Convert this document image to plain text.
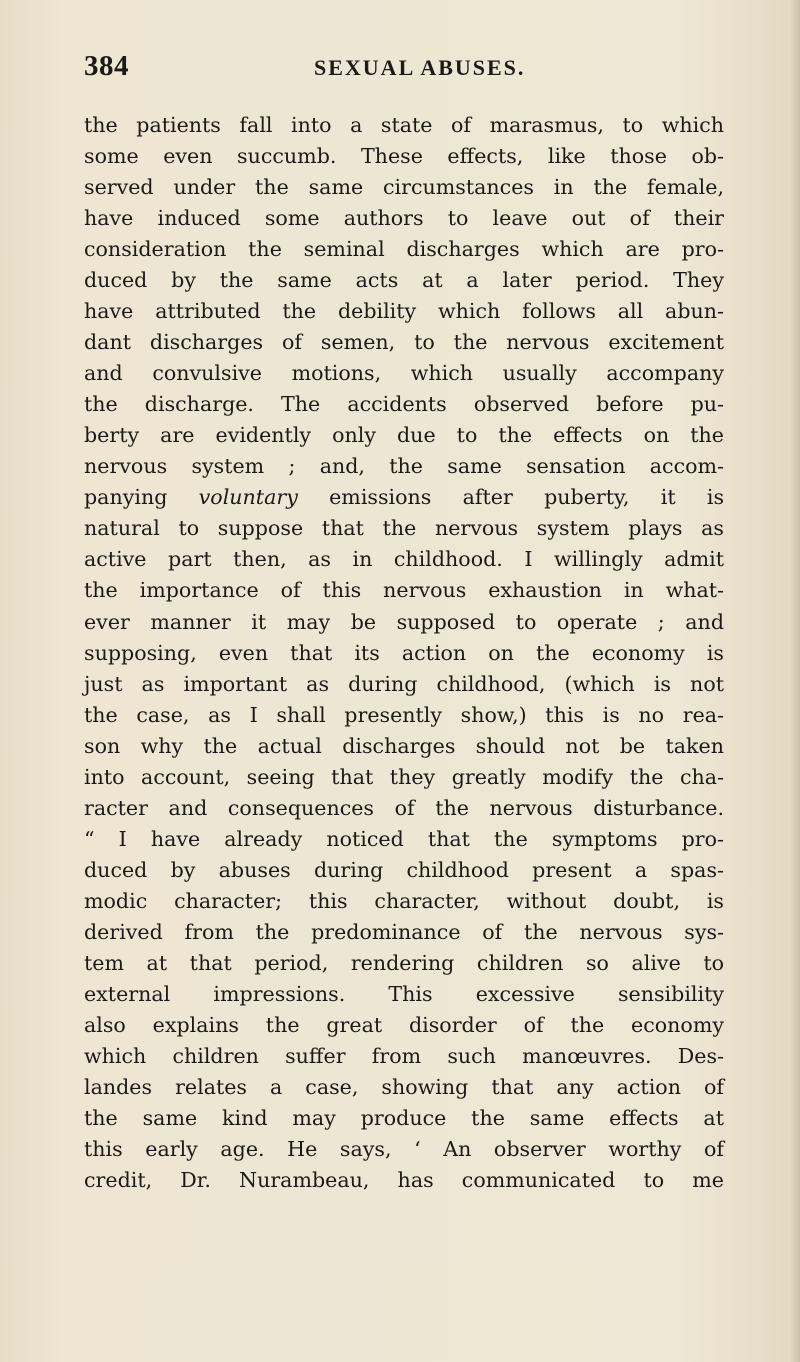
384	SEXUAL ABUSES.
the patients fall into a state of marasmus, to which
some even succumb. These effects, like those ob-
served under the same circumstances in the female,
have induced some authors to leave out of their
consideration the seminal discharges which are pro-
duced by the same acts at a later period. They
have attributed the debility which follows all abun-
dant discharges of semen, to the nervous excitement
and convulsive motions, which usually accompany
the discharge. The accidents observed before pu-
berty are evidently only due to the effects on the
nervous system ; and, the same sensation accom-
panying voluntary emissions after puberty, it is
natural to suppose that the nervous system plays as
active part then, as in childhood. I willingly admit
the importance of this nervous exhaustion in what-
ever manner it may be supposed to operate ; and
supposing, even that its action on the economy is
just as important as during childhood, (which is not
the case, as I shall presently show,) this is no rea-
son why the actual discharges should not be taken
into account, seeing that they greatly modify the cha-
racter and consequences of the nervous disturbance.
“ I have already noticed that the symptoms pro-
duced by abuses during childhood present a spas-
modic character; this character, without doubt, is
derived from the predominance of the nervous sys-
tem at that period, rendering children so alive to
external impressions. This excessive sensibility
also explains the great disorder of the economy
which children suffer from such manœuvres. Des-
landes relates a case, showing that any action of
the same kind may produce the same effects at
this early age. He says, ‘ An observer worthy of
credit, Dr. Nurambeau, has communicated to me
